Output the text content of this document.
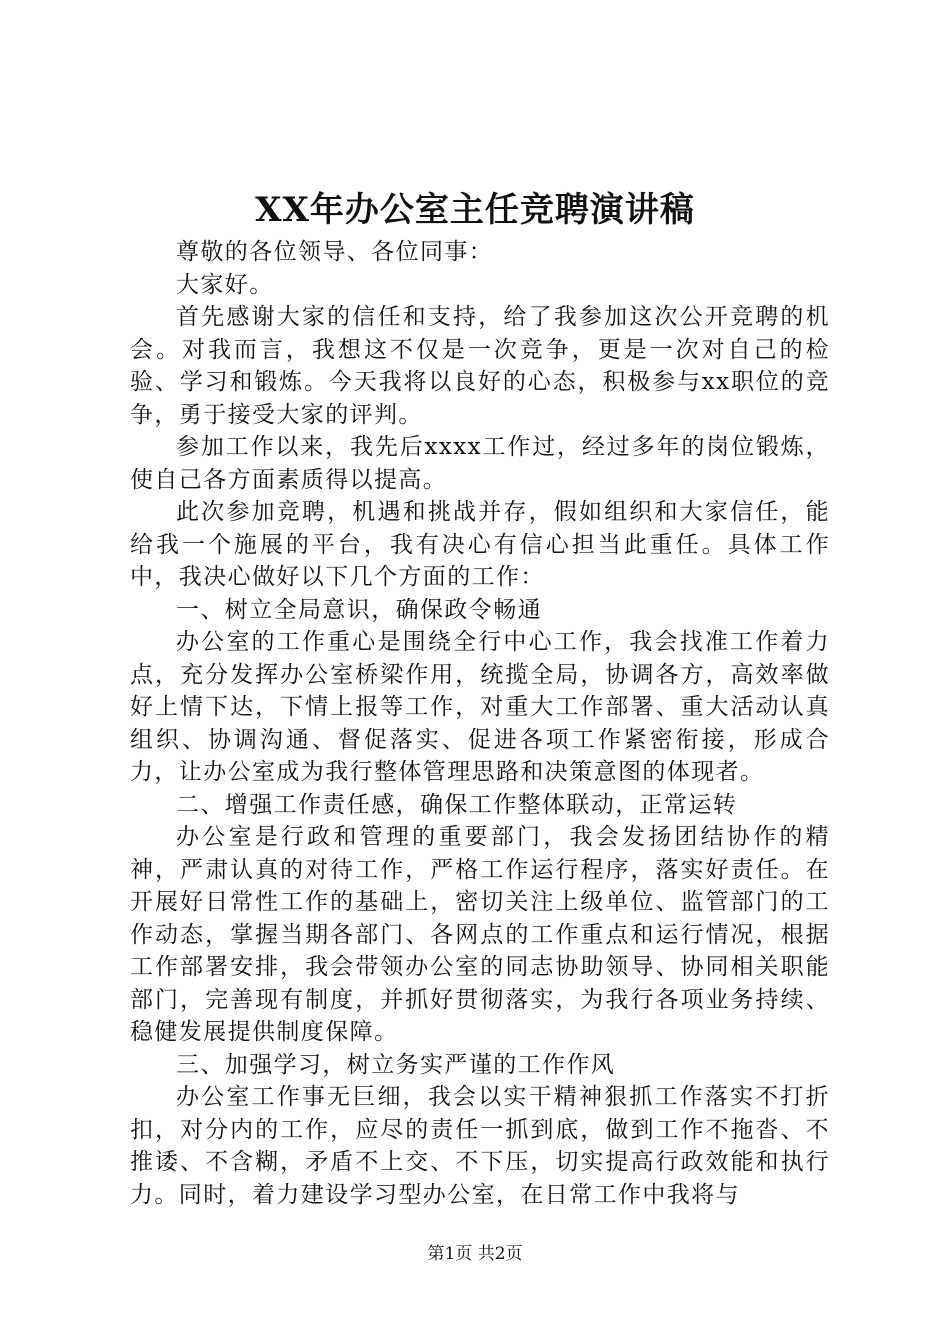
XX年办公室主任竞聘演讲稿

尊敬的各位领导、各位同事：

大家好。

首先感谢大家的信任和支持，给了我参加这次公开竞聘的机会。对我而言，我想这不仅是一次竞争，更是一次对自己的检验、学习和锻炼。今天我将以良好的心态，积极参与xx职位的竞争，勇于接受大家的评判。

参加工作以来，我先后xxxx工作过，经过多年的岗位锻炼，使自己各方面素质得以提高。

此次参加竞聘，机遇和挑战并存，假如组织和大家信任，能给我一个施展的平台，我有决心有信心担当此重任。具体工作中，我决心做好以下几个方面的工作：

一、树立全局意识，确保政令畅通

办公室的工作重心是围绕全行中心工作，我会找准工作着力点，充分发挥办公室桥梁作用，统揽全局，协调各方，高效率做好上情下达，下情上报等工作，对重大工作部署、重大活动认真组织、协调沟通、督促落实、促进各项工作紧密衔接，形成合力，让办公室成为我行整体管理思路和决策意图的体现者。

二、增强工作责任感，确保工作整体联动，正常运转

办公室是行政和管理的重要部门，我会发扬团结协作的精神，严肃认真的对待工作，严格工作运行程序，落实好责任。在开展好日常性工作的基础上，密切关注上级单位、监管部门的工作动态，掌握当期各部门、各网点的工作重点和运行情况，根据工作部署安排，我会带领办公室的同志协助领导、协同相关职能部门，完善现有制度，并抓好贯彻落实，为我行各项业务持续、稳健发展提供制度保障。

三、加强学习，树立务实严谨的工作作风

办公室工作事无巨细，我会以实干精神狠抓工作落实不打折扣，对分内的工作，应尽的责任一抓到底，做到工作不拖沓、不推诿、不含糊，矛盾不上交、不下压，切实提高行政效能和执行力。同时，着力建设学习型办公室，在日常工作中我将与

第1页 共2页
